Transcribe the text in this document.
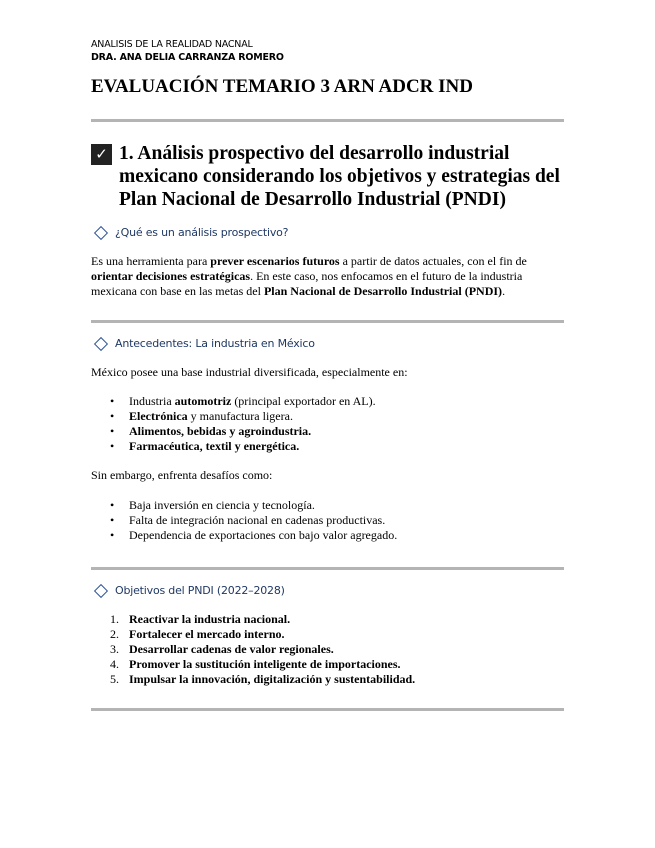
ANALISIS DE LA REALIDAD NACNAL

DRA. ANA DELIA CARRANZA ROMERO

EVALUACIÓN TEMARIO 3 ARN ADCR IND
✓ 1. Análisis prospectivo del desarrollo industrial mexicano considerando los objetivos y estrategias del Plan Nacional de Desarrollo Industrial (PNDI)
¿Qué es un análisis prospectivo?

Es una herramienta para prever escenarios futuros a partir de datos actuales, con el fin de orientar decisiones estratégicas. En este caso, nos enfocamos en el futuro de la industria mexicana con base en las metas del Plan Nacional de Desarrollo Industrial (PNDI).

Antecedentes: La industria en México

México posee una base industrial diversificada, especialmente en:

• Industria automotriz (principal exportador en AL).
• Electrónica y manufactura ligera.
• Alimentos, bebidas y agroindustria.
• Farmacéutica, textil y energética.

Sin embargo, enfrenta desafíos como:

• Baja inversión en ciencia y tecnología.
• Falta de integración nacional en cadenas productivas.
• Dependencia de exportaciones con bajo valor agregado.
Objetivos del PNDI (2022–2028)
1. Reactivar la industria nacional.
2. Fortalecer el mercado interno.
3. Desarrollar cadenas de valor regionales.
4. Promover la sustitución inteligente de importaciones.
5. Impulsar la innovación, digitalización y sustentabilidad.
